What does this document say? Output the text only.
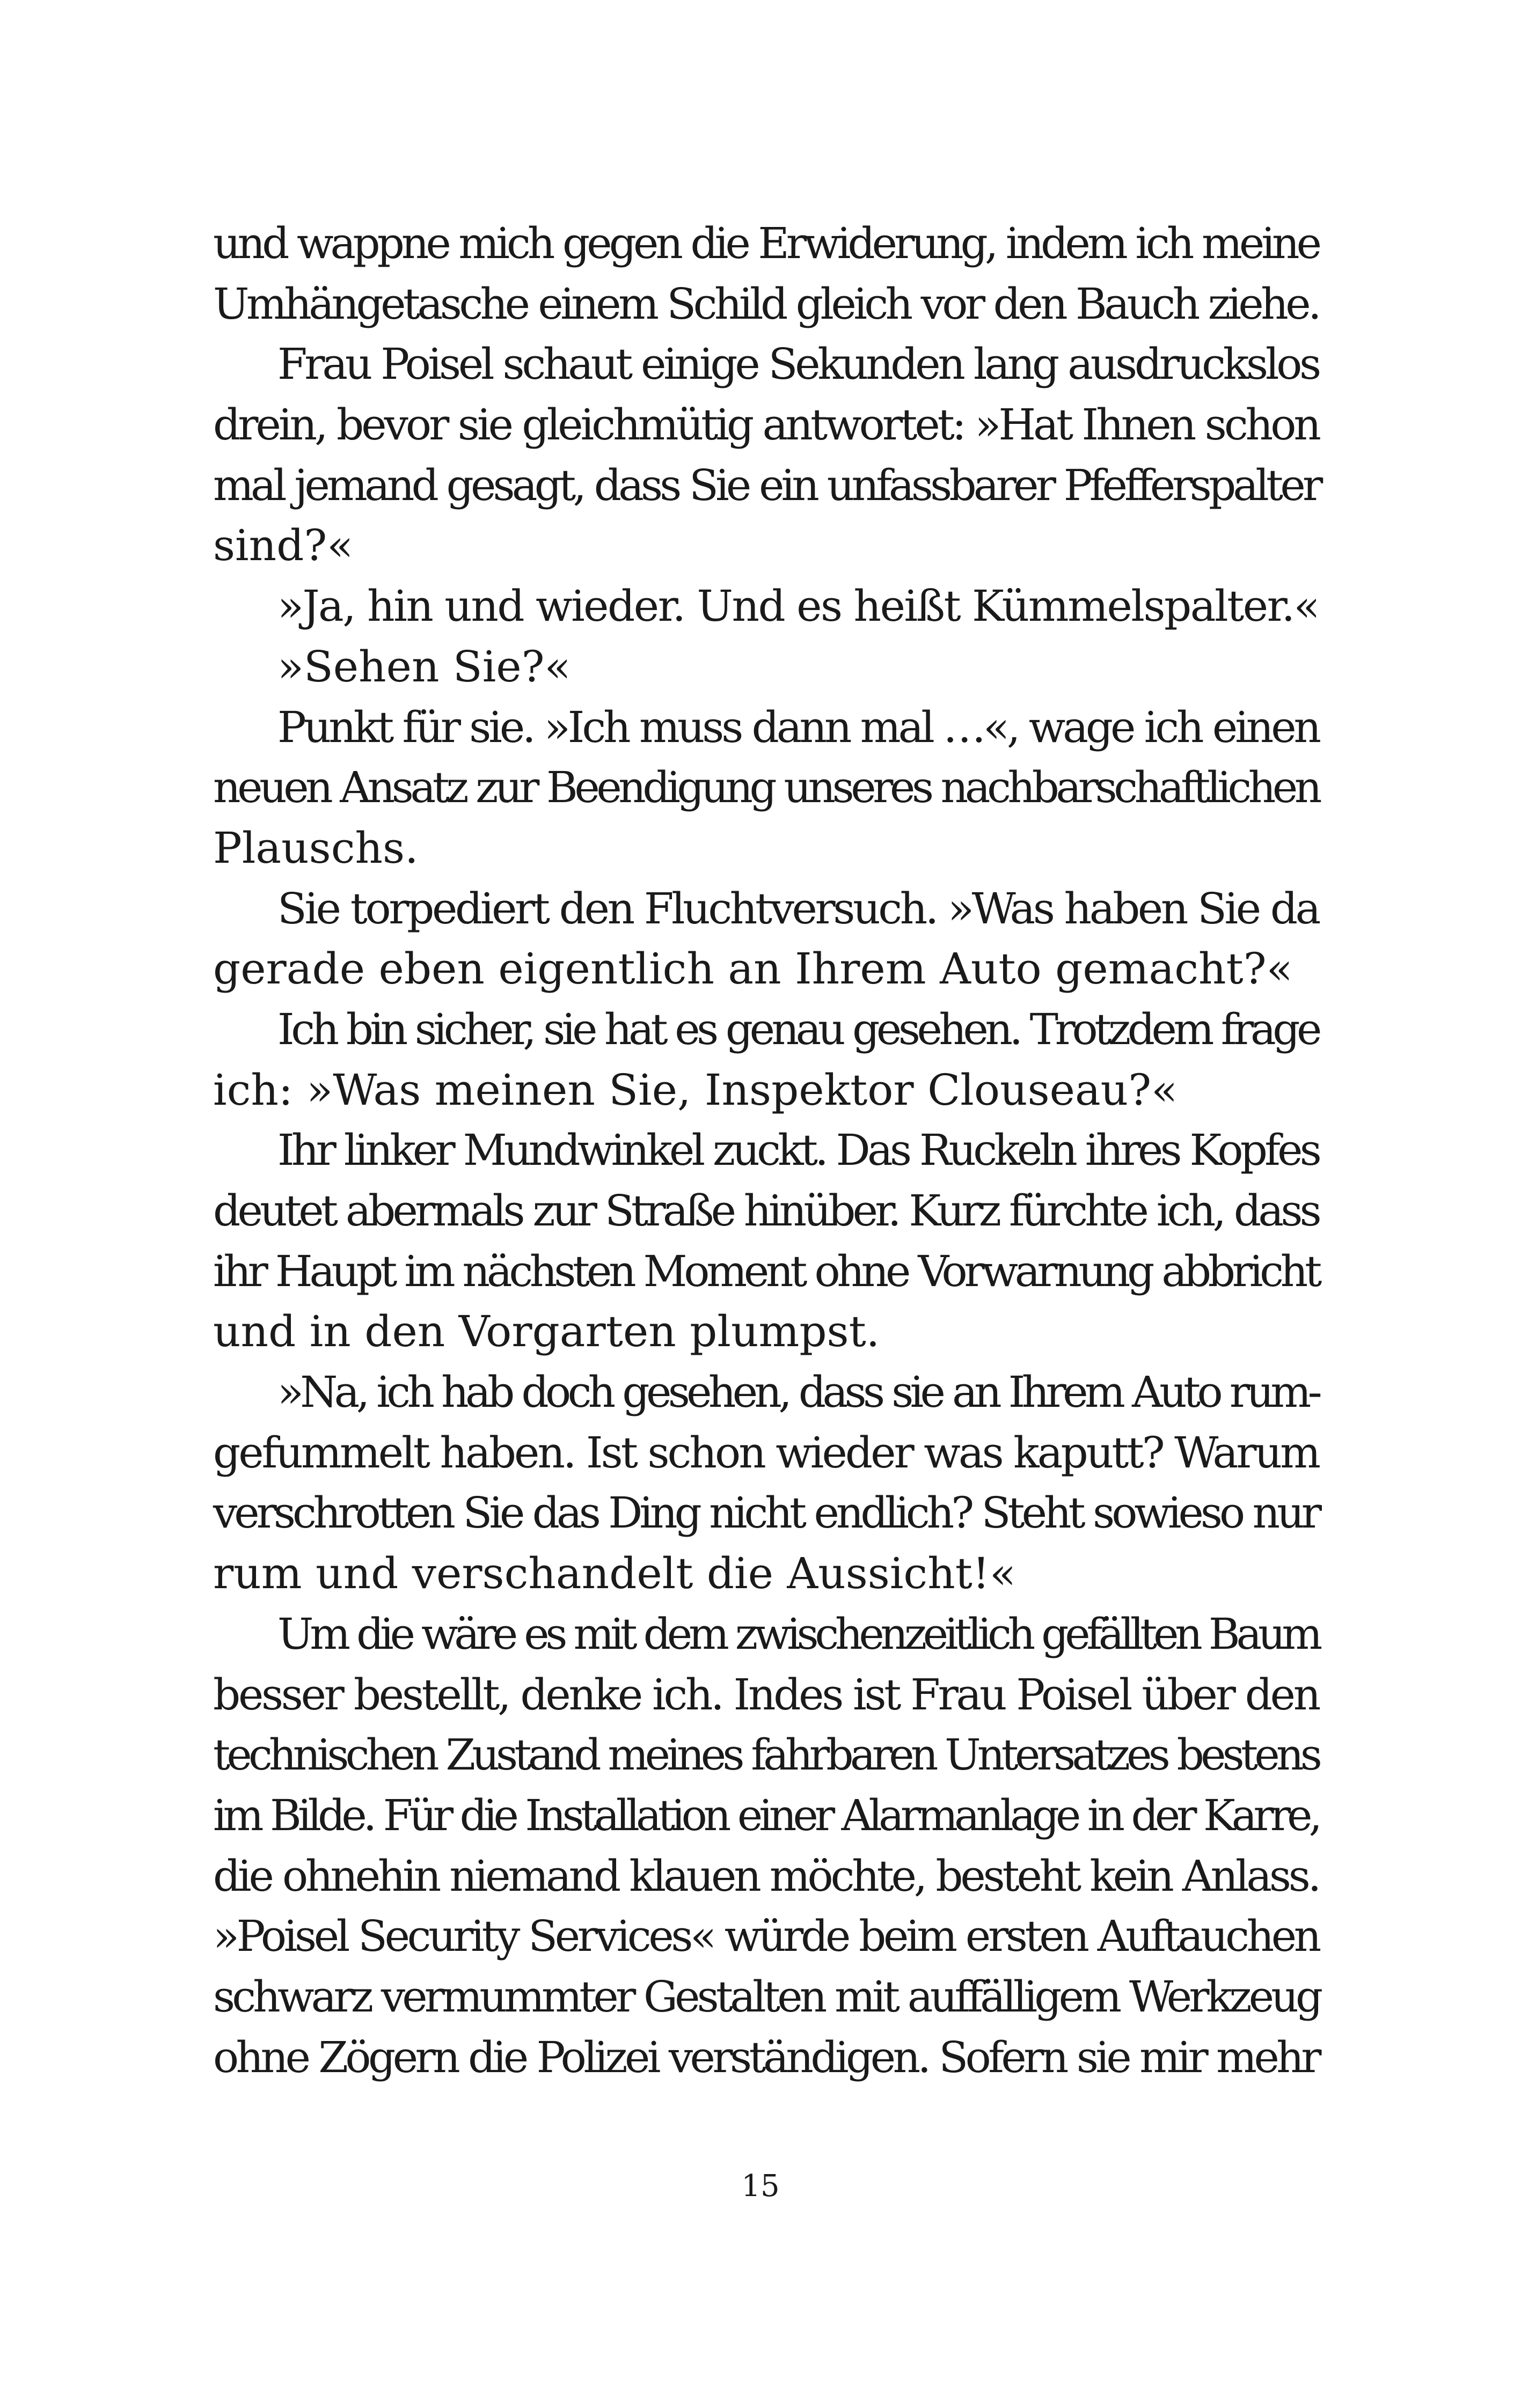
und wappne mich gegen die Erwiderung, indem ich meine
Umhängetasche einem Schild gleich vor den Bauch ziehe.
Frau Poisel schaut einige Sekunden lang ausdruckslos
drein, bevor sie gleichmütig antwortet: »Hat Ihnen schon
mal jemand gesagt, dass Sie ein unfassbarer Pfefferspalter
sind?«
»Ja, hin und wieder. Und es heißt Kümmelspalter.«
»Sehen Sie?«
Punkt für sie. »Ich muss dann mal …«, wage ich einen
neuen Ansatz zur Beendigung unseres nachbarschaftlichen
Plauschs.
Sie torpediert den Fluchtversuch. »Was haben Sie da
gerade eben eigentlich an Ihrem Auto gemacht?«
Ich bin sicher, sie hat es genau gesehen. Trotzdem frage
ich: »Was meinen Sie, Inspektor Clouseau?«
Ihr linker Mundwinkel zuckt. Das Ruckeln ihres Kopfes
deutet abermals zur Straße hinüber. Kurz fürchte ich, dass
ihr Haupt im nächsten Moment ohne Vorwarnung abbricht
und in den Vorgarten plumpst.
»Na, ich hab doch gesehen, dass sie an Ihrem Auto rum-
gefummelt haben. Ist schon wieder was kaputt? Warum
verschrotten Sie das Ding nicht endlich? Steht sowieso nur
rum und verschandelt die Aussicht!«
Um die wäre es mit dem zwischenzeitlich gefällten Baum
besser bestellt, denke ich. Indes ist Frau Poisel über den
technischen Zustand meines fahrbaren Untersatzes bestens
im Bilde. Für die Installation einer Alarmanlage in der Karre,
die ohnehin niemand klauen möchte, besteht kein Anlass.
»Poisel Security Services« würde beim ersten Auftauchen
schwarz vermummter Gestalten mit auffälligem Werkzeug
ohne Zögern die Polizei verständigen. Sofern sie mir mehr
15
